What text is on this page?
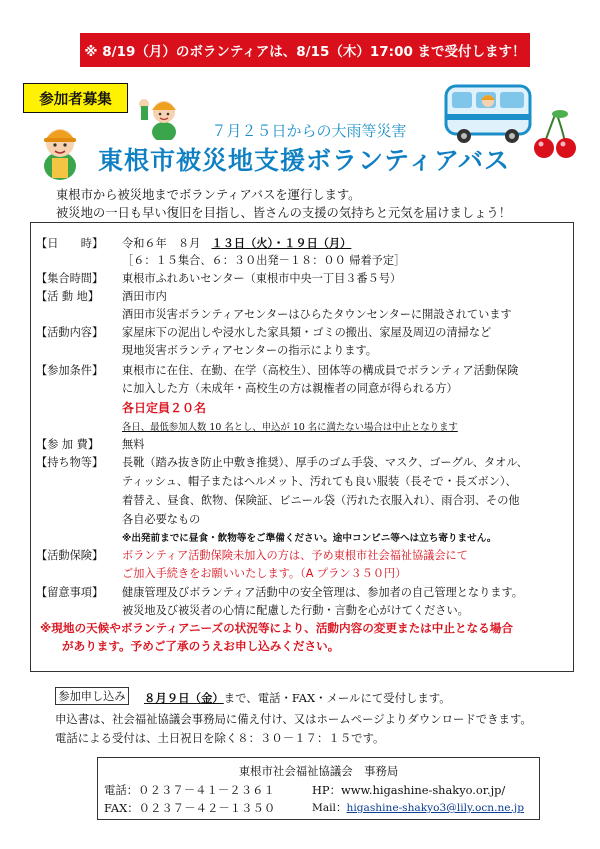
※ 8/19（月）のボランティアは、8/15（木）17:00 まで受付します！
参加者募集
７月２５日からの大雨等災害
東根市被災地支援ボランティアバス
東根市から被災地までボランティアバスを運行します。
被災地の一日も早い復旧を目指し、皆さんの支援の気持ちと元気を届けましょう！
【日　　時】	令和６年　８月　１３日（火）・１９日（月）
［６：１５集合、６：３０出発－１８：００ 帰着予定］
【集合時間】	東根市ふれあいセンター（東根市中央一丁目３番５号）
【活 動 地】	酒田市内
酒田市災害ボランティアセンターはひらたタウンセンターに開設されています
【活動内容】	家屋床下の泥出しや浸水した家具類・ゴミの搬出、家屋及周辺の清掃など
現地災害ボランティアセンターの指示によります。
【参加条件】	東根市に在住、在勤、在学（高校生）、団体等の構成員でボランティア活動保険
に加入した方（未成年・高校生の方は親権者の同意が得られる方）
各日定員２０名
各日、最低参加人数 10 名とし、申込が 10 名に満たない場合は中止となります
【参 加 費】	無料
【持ち物等】	長靴（踏み抜き防止中敷き推奨）、厚手のゴム手袋、マスク、ゴーグル、タオル、
ティッシュ、帽子またはヘルメット、汚れても良い服装（長そで・長ズボン）、
着替え、昼食、飲物、保険証、ビニール袋（汚れた衣服入れ）、雨合羽、その他
各自必要なもの
※出発前までに昼食・飲物等をご準備ください。途中コンビニ等へは立ち寄りません。
【活動保険】	ボランティア活動保険未加入の方は、予め東根市社会福祉協議会にて
ご加入手続きをお願いいたします。（A プラン３５０円）
【留意事項】	健康管理及びボランティア活動中の安全管理は、参加者の自己管理となります。
被災地及び被災者の心情に配慮した行動・言動を心がけてください。
※現地の天候やボランティアニーズの状況等により、活動内容の変更または中止となる場合
があります。予めご了承のうえお申し込みください。
参加申し込み	８月９日（金）まで、電話・FAX・メールにて受付します。
申込書は、社会福祉協議会事務局に備え付け、又はホームページよりダウンロードできます。
電話による受付は、土日祝日を除く８：３０－１７：１５です。
東根市社会福祉協議会　事務局
電話：０２３７－４１－２３６１	HP：www.higashine-shakyo.or.jp/
FAX：０２３７－４２－１３５０	Mail：higashine-shakyo3@lily.ocn.ne.jp
